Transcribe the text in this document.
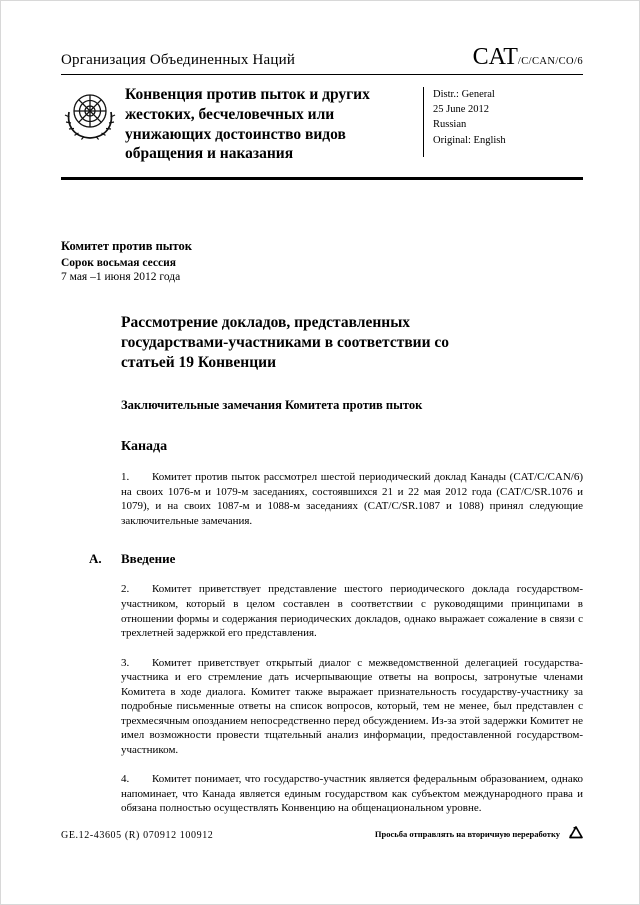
Организация Объединенных Наций	CAT/C/CAN/CO/6
Конвенция против пыток и других жестоких, бесчеловечных или унижающих достоинство видов обращения и наказания
Distr.: General
25 June 2012
Russian
Original: English

Комитет против пыток

Сорок восьмая сессия

7 мая –1 июня 2012 года

Рассмотрение докладов, представленных государствами-участниками в соответствии со статьей 19 Конвенции
Заключительные замечания Комитета против пыток
Канада

1. Комитет против пыток рассмотрел шестой периодический доклад Канады (CAT/C/CAN/6) на своих 1076-м и 1079-м заседаниях, состоявшихся 21 и 22 мая 2012 года (CAT/C/SR.1076 и 1079), и на своих 1087-м и 1088-м заседаниях (CAT/C/SR.1087 и 1088) принял следующие заключительные замечания.

A. Введение

2. Комитет приветствует представление шестого периодического доклада государством-участником, который в целом составлен в соответствии с руководящими принципами в отношении формы и содержания периодических докладов, однако выражает сожаление в связи с трехлетней задержкой его представления.

3. Комитет приветствует открытый диалог с межведомственной делегацией государства-участника и его стремление дать исчерпывающие ответы на вопросы, затронутые членами Комитета в ходе диалога. Комитет также выражает признательность государству-участнику за подробные письменные ответы на список вопросов, который, тем не менее, был представлен с трехмесячным опозданием непосредственно перед обсуждением. Из-за этой задержки Комитет не имел возможности провести тщательный анализ информации, предоставленной государством-участником.

4. Комитет понимает, что государство-участник является федеральным образованием, однако напоминает, что Канада является единым государством как субъектом международного права и обязана полностью осуществлять Конвенцию на общенациональном уровне.

GE.12-43605 (R) 070912 100912	Просьба отправлять на вторичную переработку
